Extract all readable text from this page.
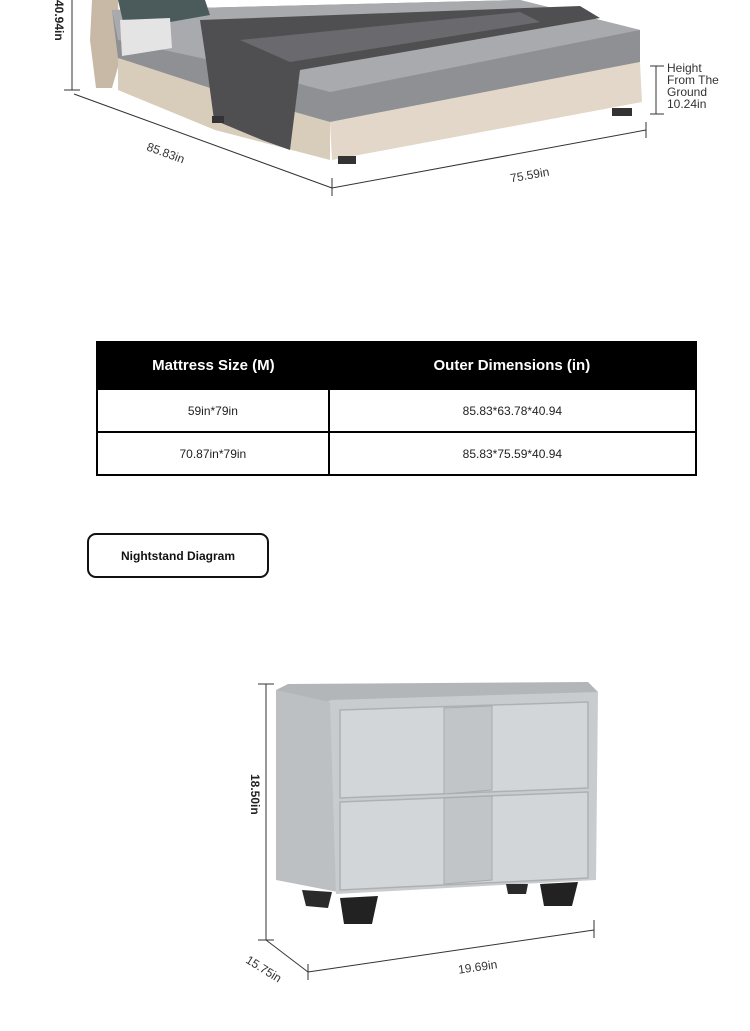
40.94in
85.83in
75.59in
Height
From The
Ground
10.24in
Mattress Size (M)	Outer Dimensions (in)
59in*79in	85.83*63.78*40.94
70.87in*79in	85.83*75.59*40.94
Nightstand Diagram
18.50in
15.75in	19.69in
